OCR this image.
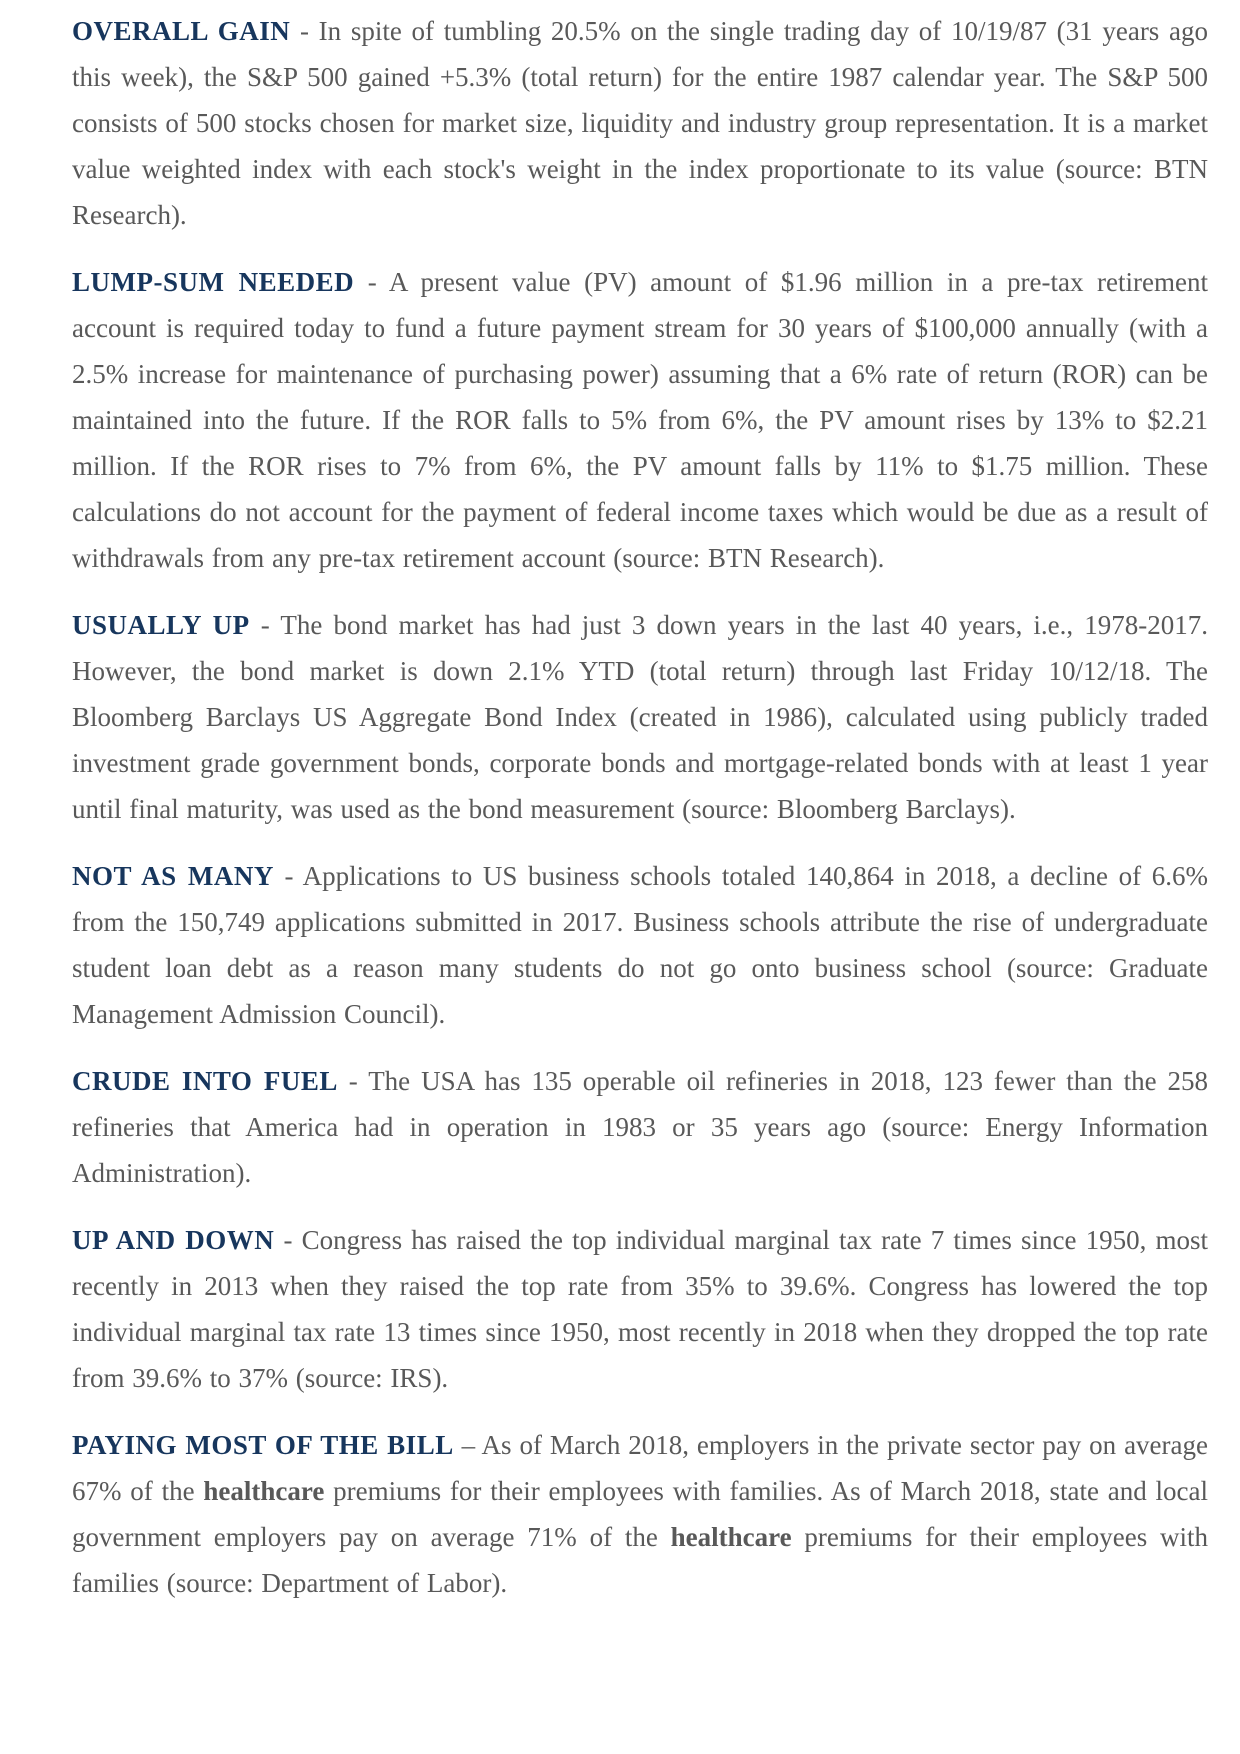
OVERALL GAIN - In spite of tumbling 20.5% on the single trading day of 10/19/87 (31 years ago this week), the S&P 500 gained +5.3% (total return) for the entire 1987 calendar year. The S&P 500 consists of 500 stocks chosen for market size, liquidity and industry group representation. It is a market value weighted index with each stock's weight in the index proportionate to its value (source: BTN Research).

LUMP-SUM NEEDED - A present value (PV) amount of $1.96 million in a pre-tax retirement account is required today to fund a future payment stream for 30 years of $100,000 annually (with a 2.5% increase for maintenance of purchasing power) assuming that a 6% rate of return (ROR) can be maintained into the future. If the ROR falls to 5% from 6%, the PV amount rises by 13% to $2.21 million. If the ROR rises to 7% from 6%, the PV amount falls by 11% to $1.75 million. These calculations do not account for the payment of federal income taxes which would be due as a result of withdrawals from any pre-tax retirement account (source: BTN Research).

USUALLY UP - The bond market has had just 3 down years in the last 40 years, i.e., 1978-2017. However, the bond market is down 2.1% YTD (total return) through last Friday 10/12/18. The Bloomberg Barclays US Aggregate Bond Index (created in 1986), calculated using publicly traded investment grade government bonds, corporate bonds and mortgage-related bonds with at least 1 year until final maturity, was used as the bond measurement (source: Bloomberg Barclays).

NOT AS MANY - Applications to US business schools totaled 140,864 in 2018, a decline of 6.6% from the 150,749 applications submitted in 2017. Business schools attribute the rise of undergraduate student loan debt as a reason many students do not go onto business school (source: Graduate Management Admission Council).

CRUDE INTO FUEL - The USA has 135 operable oil refineries in 2018, 123 fewer than the 258 refineries that America had in operation in 1983 or 35 years ago (source: Energy Information Administration).

UP AND DOWN - Congress has raised the top individual marginal tax rate 7 times since 1950, most recently in 2013 when they raised the top rate from 35% to 39.6%. Congress has lowered the top individual marginal tax rate 13 times since 1950, most recently in 2018 when they dropped the top rate from 39.6% to 37% (source: IRS).

PAYING MOST OF THE BILL – As of March 2018, employers in the private sector pay on average 67% of the healthcare premiums for their employees with families. As of March 2018, state and local government employers pay on average 71% of the healthcare premiums for their employees with families (source: Department of Labor).
